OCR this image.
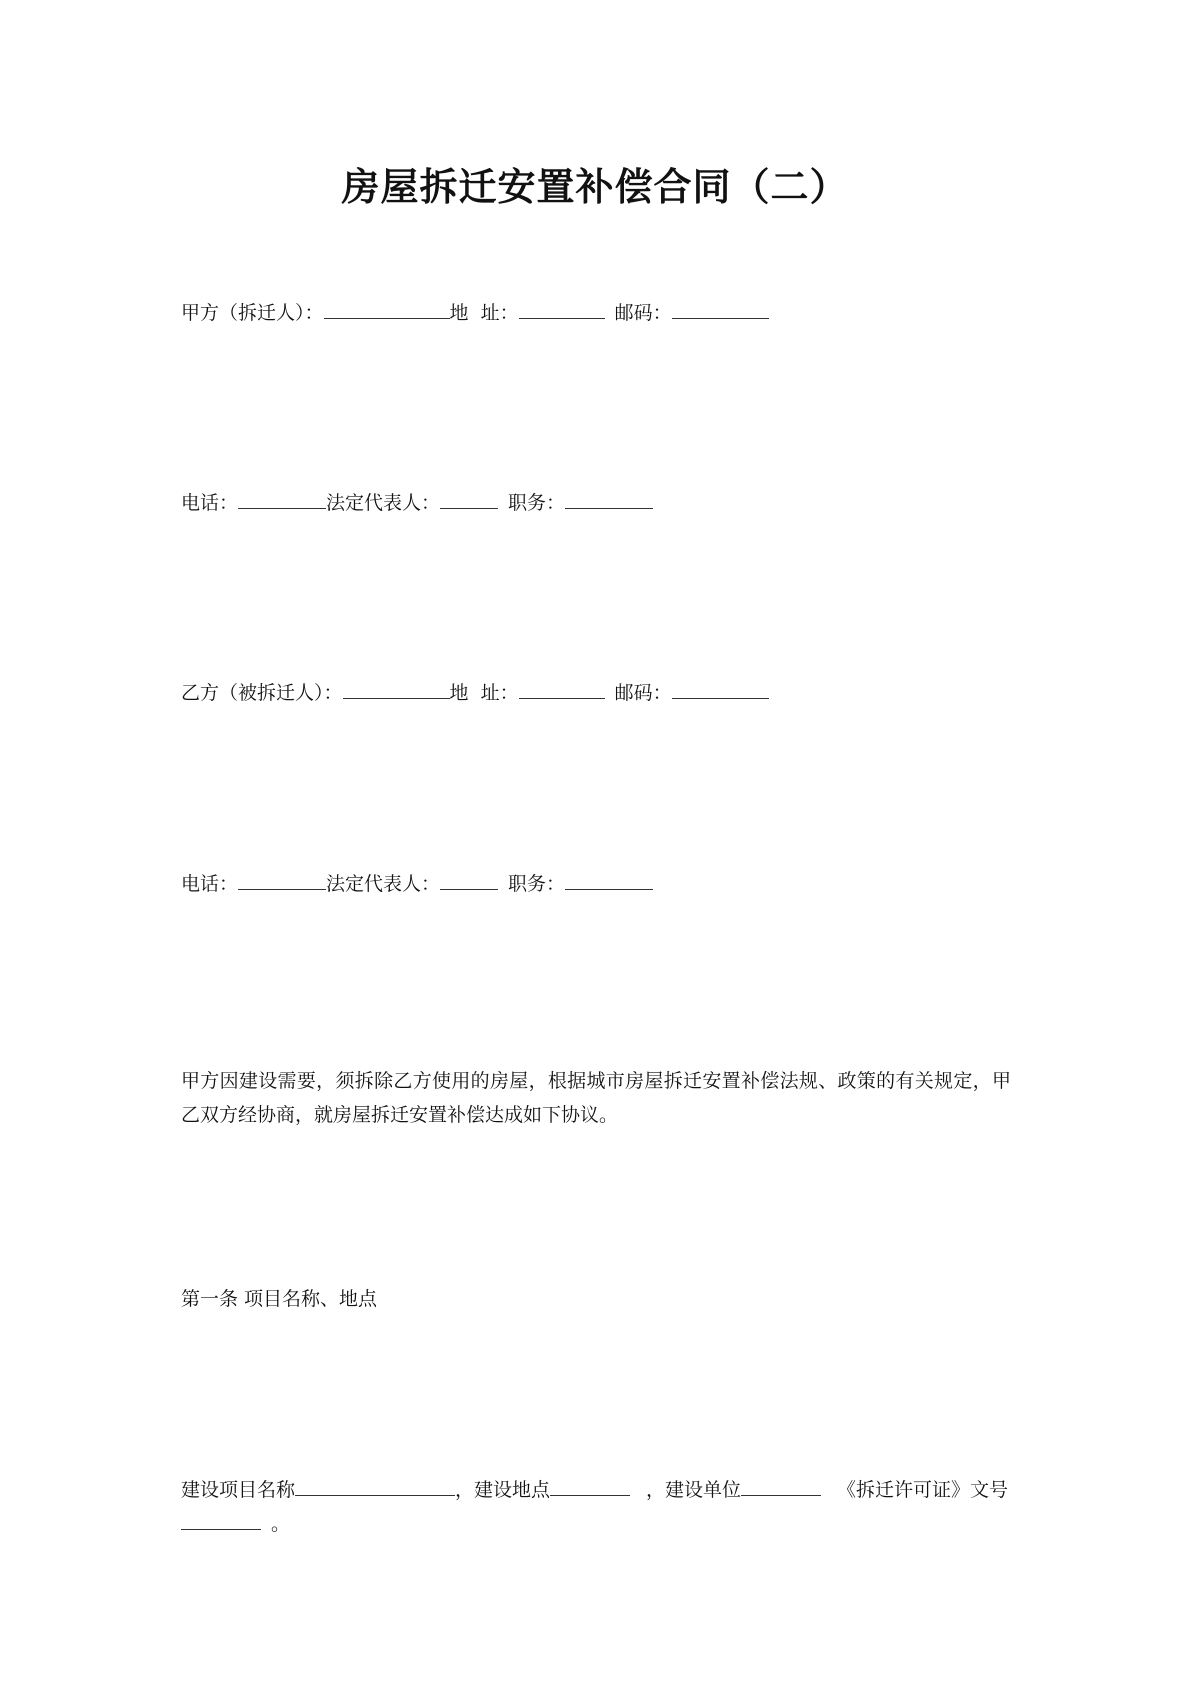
房屋拆迁安置补偿合同（二）
甲方（拆迁人）：	地  址：	邮码：
电话：	法定代表人：	职务：
乙方（被拆迁人）：	地  址：	邮码：
电话：	法定代表人：	职务：
甲方因建设需要，须拆除乙方使用的房屋，根据城市房屋拆迁安置补偿法规、政策的有关规定，甲乙双方经协商，就房屋拆迁安置补偿达成如下协议。
第一条 项目名称、地点
建设项目名称	，建设地点	，建设单位	《拆迁许可证》文号。
